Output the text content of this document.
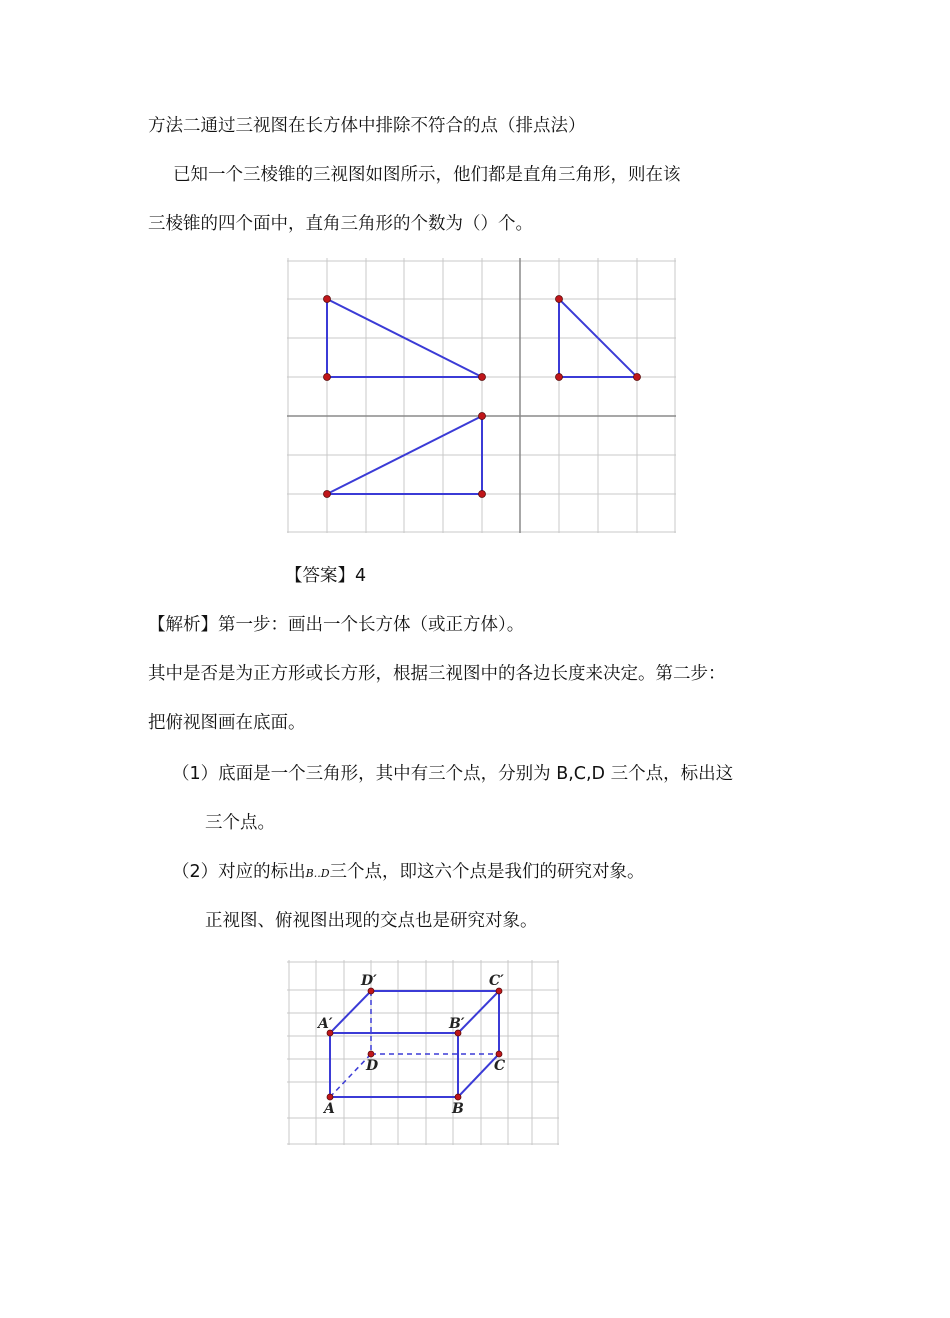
方法二通过三视图在长方体中排除不符合的点（排点法）
已知一个三棱锥的三视图如图所示，他们都是直角三角形，则在该
三棱锥的四个面中，直角三角形的个数为（）个。
【答案】4
【解析】第一步：画出一个长方体（或正方体）。
其中是否是为正方形或长方形，根据三视图中的各边长度来决定。第二步：
把俯视图画在底面。
（1）底面是一个三角形，其中有三个点，分别为 B,C,D 三个点，标出这
三个点。
（2）对应的标出B..D三个点，即这六个点是我们的研究对象。
正视图、俯视图出现的交点也是研究对象。
D′	C′
A′	B′
D	C
A	B
